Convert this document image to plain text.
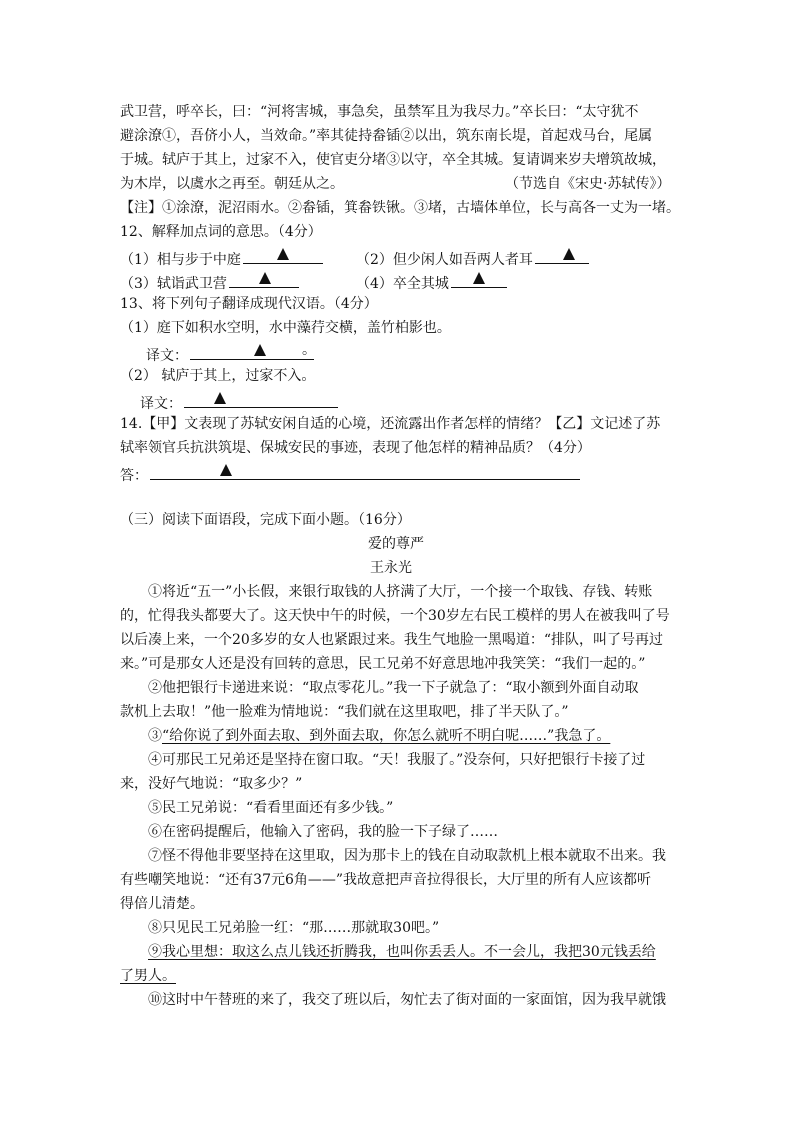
武卫营，呼卒长，曰：“河将害城，事急矣，虽禁军且为我尽力。”卒长曰：“太守犹不
避涂潦①，吾侪小人，当效命。”率其徒持畚锸②以出，筑东南长堤，首起戏马台，尾属
于城。轼庐于其上，过家不入，使官吏分堵③以守，卒全其城。复请调来岁夫增筑故城，
为木岸，以虞水之再至。朝廷从之。	（节选自《宋史·苏轼传》）
【注】①涂潦，泥沼雨水。②畚锸，箕畚铁锹。③堵，古墙体单位，长与高各一丈为一堵。
12、解释加点词的意思。（4分）
（1）相与步于中庭	（2）但少闲人如吾两人者耳
（3）轼诣武卫营	（4）卒全其城
13、将下列句子翻译成现代汉语。（4分）
（1）庭下如积水空明，水中藻荇交横，盖竹柏影也。
译文：	。
（2） 轼庐于其上，过家不入。
译文：
14.【甲】文表现了苏轼安闲自适的心境，还流露出作者怎样的情绪？【乙】文记述了苏
轼率领官兵抗洪筑堤、保城安民的事迹，表现了他怎样的精神品质？（4分）
答：
（三）阅读下面语段，完成下面小题。（16分）
爱的尊严
王永光
①将近“五一”小长假，来银行取钱的人挤满了大厅，一个接一个取钱、存钱、转账
的，忙得我头都要大了。这天快中午的时候，一个30岁左右民工模样的男人在被我叫了号
以后凑上来，一个20多岁的女人也紧跟过来。我生气地脸一黑喝道：“排队，叫了号再过
来。”可是那女人还是没有回转的意思，民工兄弟不好意思地冲我笑笑：“我们一起的。”
②他把银行卡递进来说：“取点零花儿。”我一下子就急了：“取小额到外面自动取
款机上去取！”他一脸难为情地说：“我们就在这里取吧，排了半天队了。”
③“给你说了到外面去取、到外面去取，你怎么就听不明白呢……”我急了。
④可那民工兄弟还是坚持在窗口取。“天！我服了。”没奈何，只好把银行卡接了过
来，没好气地说：“取多少？”
⑤民工兄弟说：“看看里面还有多少钱。”
⑥在密码提醒后，他输入了密码，我的脸一下子绿了……
⑦怪不得他非要坚持在这里取，因为那卡上的钱在自动取款机上根本就取不出来。我
有些嘲笑地说：“还有37元6角——”我故意把声音拉得很长，大厅里的所有人应该都听
得倍儿清楚。
⑧只见民工兄弟脸一红：“那……那就取30吧。”
⑨我心里想：取这么点儿钱还折腾我，也叫你丢丢人。不一会儿，我把30元钱丢给
了男人。
⑩这时中午替班的来了，我交了班以后，匆忙去了街对面的一家面馆，因为我早就饿
